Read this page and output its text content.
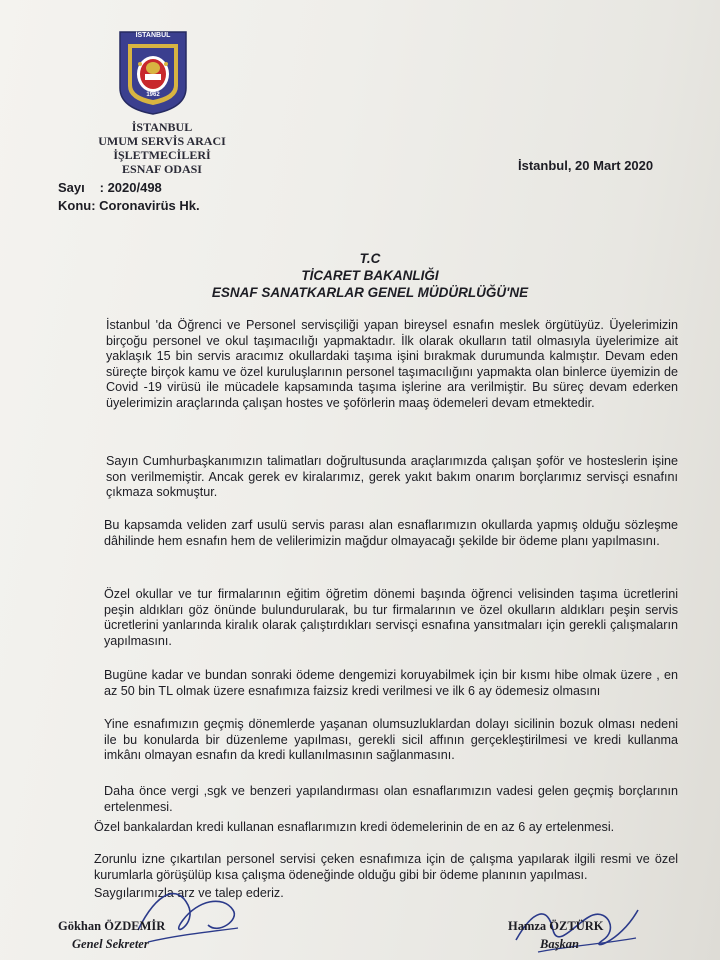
İSTANBUL
1962
İSTANBUL
UMUM SERVİS ARACI İŞLETMECİLERİ
ESNAF ODASI	İstanbul, 20 Mart 2020
Sayı : 2020/498
Konu: Coronavirüs Hk.
T.C
TİCARET BAKANLIĞI
ESNAF SANATKARLAR GENEL MÜDÜRLÜĞÜ'NE
İstanbul 'da Öğrenci ve Personel servisçiliği yapan bireysel esnafın meslek örgütüyüz. Üyelerimizin birçoğu personel ve okul taşımacılığı yapmaktadır. İlk olarak okulların tatil olmasıyla üyelerimize ait yaklaşık 15 bin servis aracımız okullardaki taşıma işini bırakmak durumunda kalmıştır. Devam eden süreçte birçok kamu ve özel kuruluşlarının personel taşımacılığını yapmakta olan binlerce üyemizin de Covid -19 virüsü ile mücadele kapsamında taşıma işlerine ara verilmiştir. Bu süreç devam ederken üyelerimizin araçlarında çalışan hostes ve şoförlerin maaş ödemeleri devam etmektedir.
Sayın Cumhurbaşkanımızın talimatları doğrultusunda araçlarımızda çalışan şoför ve hosteslerin işine son verilmemiştir. Ancak gerek ev kiralarımız, gerek yakıt bakım onarım borçlarımız servisçi esnafını çıkmaza sokmuştur.
Bu kapsamda veliden zarf usulü servis parası alan esnaflarımızın okullarda yapmış olduğu sözleşme dâhilinde hem esnafın hem de velilerimizin mağdur olmayacağı şekilde bir ödeme planı yapılmasını.
Özel okullar ve tur firmalarının eğitim öğretim dönemi başında öğrenci velisinden taşıma ücretlerini peşin aldıkları göz önünde bulundurularak, bu tur firmalarının ve özel okulların aldıkları peşin servis ücretlerini yanlarında kiralık olarak çalıştırdıkları servisçi esnafına yansıtmaları için gerekli çalışmaların yapılmasını.
Bugüne kadar ve bundan sonraki ödeme dengemizi koruyabilmek için bir kısmı hibe olmak üzere , en az 50 bin TL olmak üzere esnafımıza faizsiz kredi verilmesi ve ilk 6 ay ödemesiz olmasını
Yine esnafımızın geçmiş dönemlerde yaşanan olumsuzluklardan dolayı sicilinin bozuk olması nedeni ile bu konularda bir düzenleme yapılması, gerekli sicil affının gerçekleştirilmesi ve kredi kullanma imkânı olmayan esnafın da kredi kullanılmasının sağlanmasını.
Daha önce vergi ,sgk ve benzeri yapılandırması olan esnaflarımızın vadesi gelen geçmiş borçlarının ertelenmesi.
Özel bankalardan kredi kullanan esnaflarımızın kredi ödemelerinin de en az 6 ay ertelenmesi.
Zorunlu izne çıkartılan personel servisi çeken esnafımıza için de çalışma yapılarak ilgili resmi ve özel kurumlarla görüşülüp kısa çalışma ödeneğinde olduğu gibi bir ödeme planının yapılması.
Saygılarımızla arz ve talep ederiz.
Gökhan ÖZDEMİR
Genel Sekreter
Hamza ÖZTÜRK
Başkan
